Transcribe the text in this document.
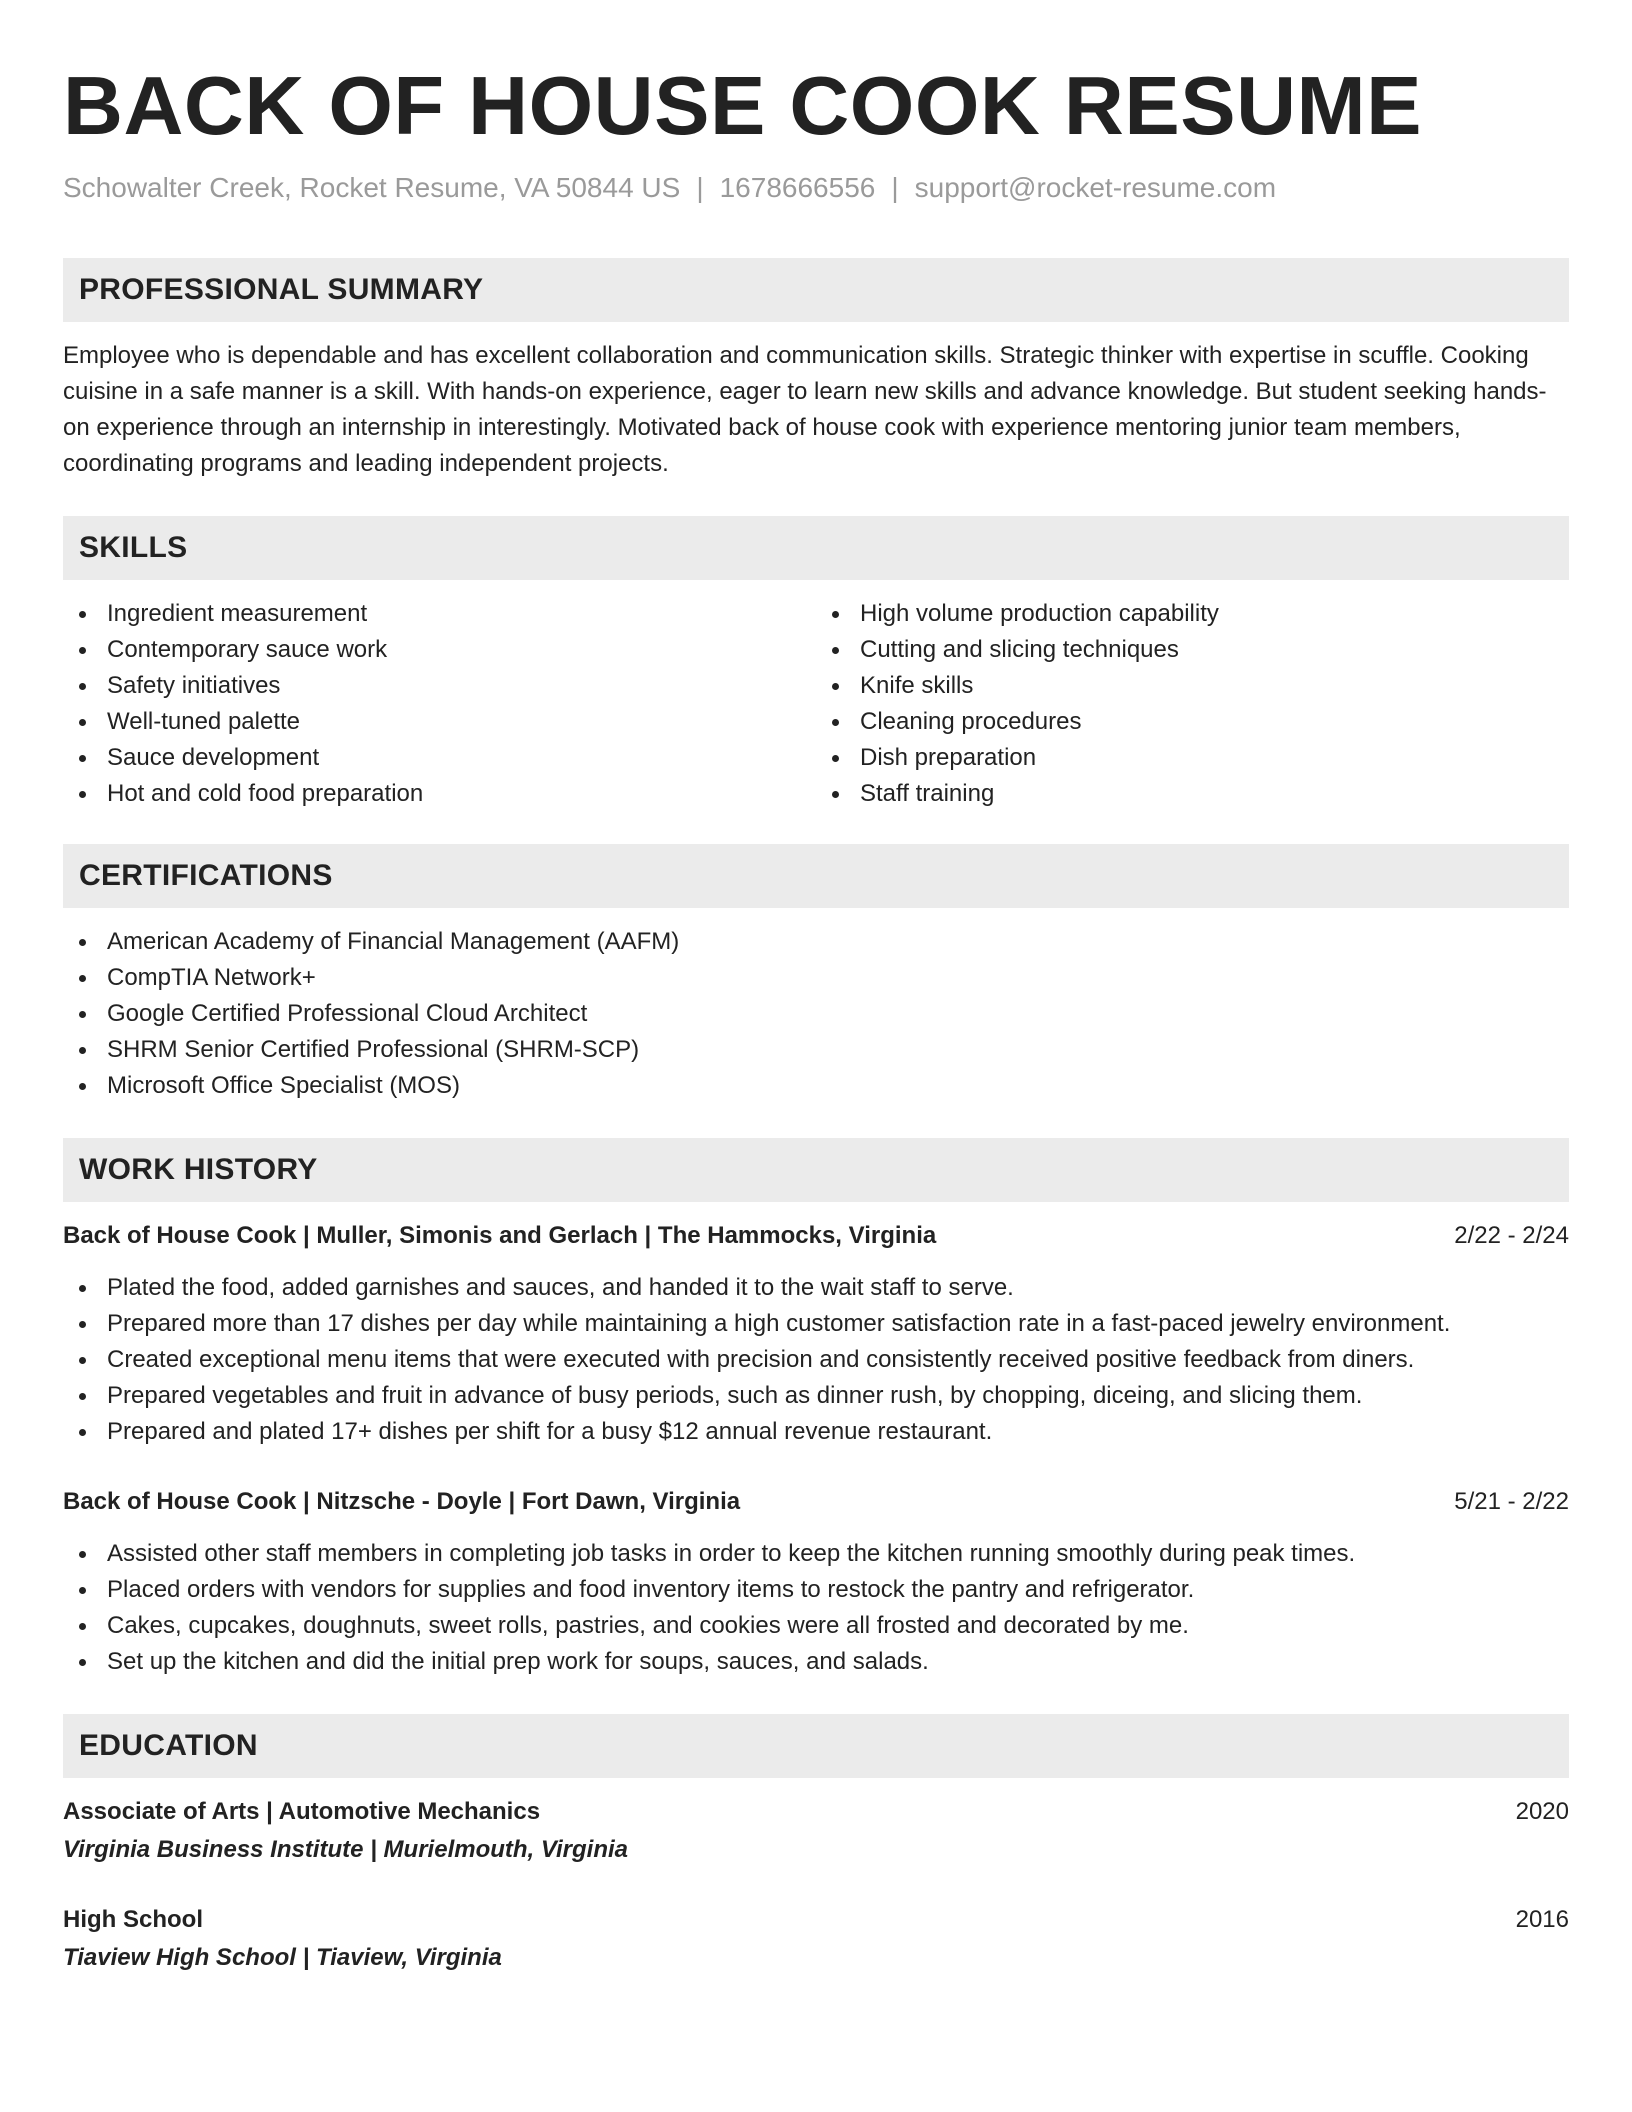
BACK OF HOUSE COOK RESUME
Schowalter Creek, Rocket Resume, VA 50844 US | 1678666556 | support@rocket-resume.com
PROFESSIONAL SUMMARY

Employee who is dependable and has excellent collaboration and communication skills. Strategic thinker with expertise in scuffle. Cooking cuisine in a safe manner is a skill. With hands-on experience, eager to learn new skills and advance knowledge. But student seeking hands-on experience through an internship in interestingly. Motivated back of house cook with experience mentoring junior team members, coordinating programs and leading independent projects.

SKILLS
Ingredient measurement
Contemporary sauce work
Safety initiatives
Well-tuned palette
Sauce development
Hot and cold food preparation
High volume production capability
Cutting and slicing techniques
Knife skills
Cleaning procedures
Dish preparation
Staff training
CERTIFICATIONS
American Academy of Financial Management (AAFM)
CompTIA Network+
Google Certified Professional Cloud Architect
SHRM Senior Certified Professional (SHRM-SCP)
Microsoft Office Specialist (MOS)
WORK HISTORY
Back of House Cook | Muller, Simonis and Gerlach | The Hammocks, Virginia	2/22 - 2/24
Plated the food, added garnishes and sauces, and handed it to the wait staff to serve.
Prepared more than 17 dishes per day while maintaining a high customer satisfaction rate in a fast-paced jewelry environment.
Created exceptional menu items that were executed with precision and consistently received positive feedback from diners.
Prepared vegetables and fruit in advance of busy periods, such as dinner rush, by chopping, diceing, and slicing them.
Prepared and plated 17+ dishes per shift for a busy $12 annual revenue restaurant.
Back of House Cook | Nitzsche - Doyle | Fort Dawn, Virginia	5/21 - 2/22
Assisted other staff members in completing job tasks in order to keep the kitchen running smoothly during peak times.
Placed orders with vendors for supplies and food inventory items to restock the pantry and refrigerator.
Cakes, cupcakes, doughnuts, sweet rolls, pastries, and cookies were all frosted and decorated by me.
Set up the kitchen and did the initial prep work for soups, sauces, and salads.
EDUCATION
Associate of Arts | Automotive Mechanics	2020
Virginia Business Institute | Murielmouth, Virginia
High School	2016
Tiaview High School | Tiaview, Virginia
